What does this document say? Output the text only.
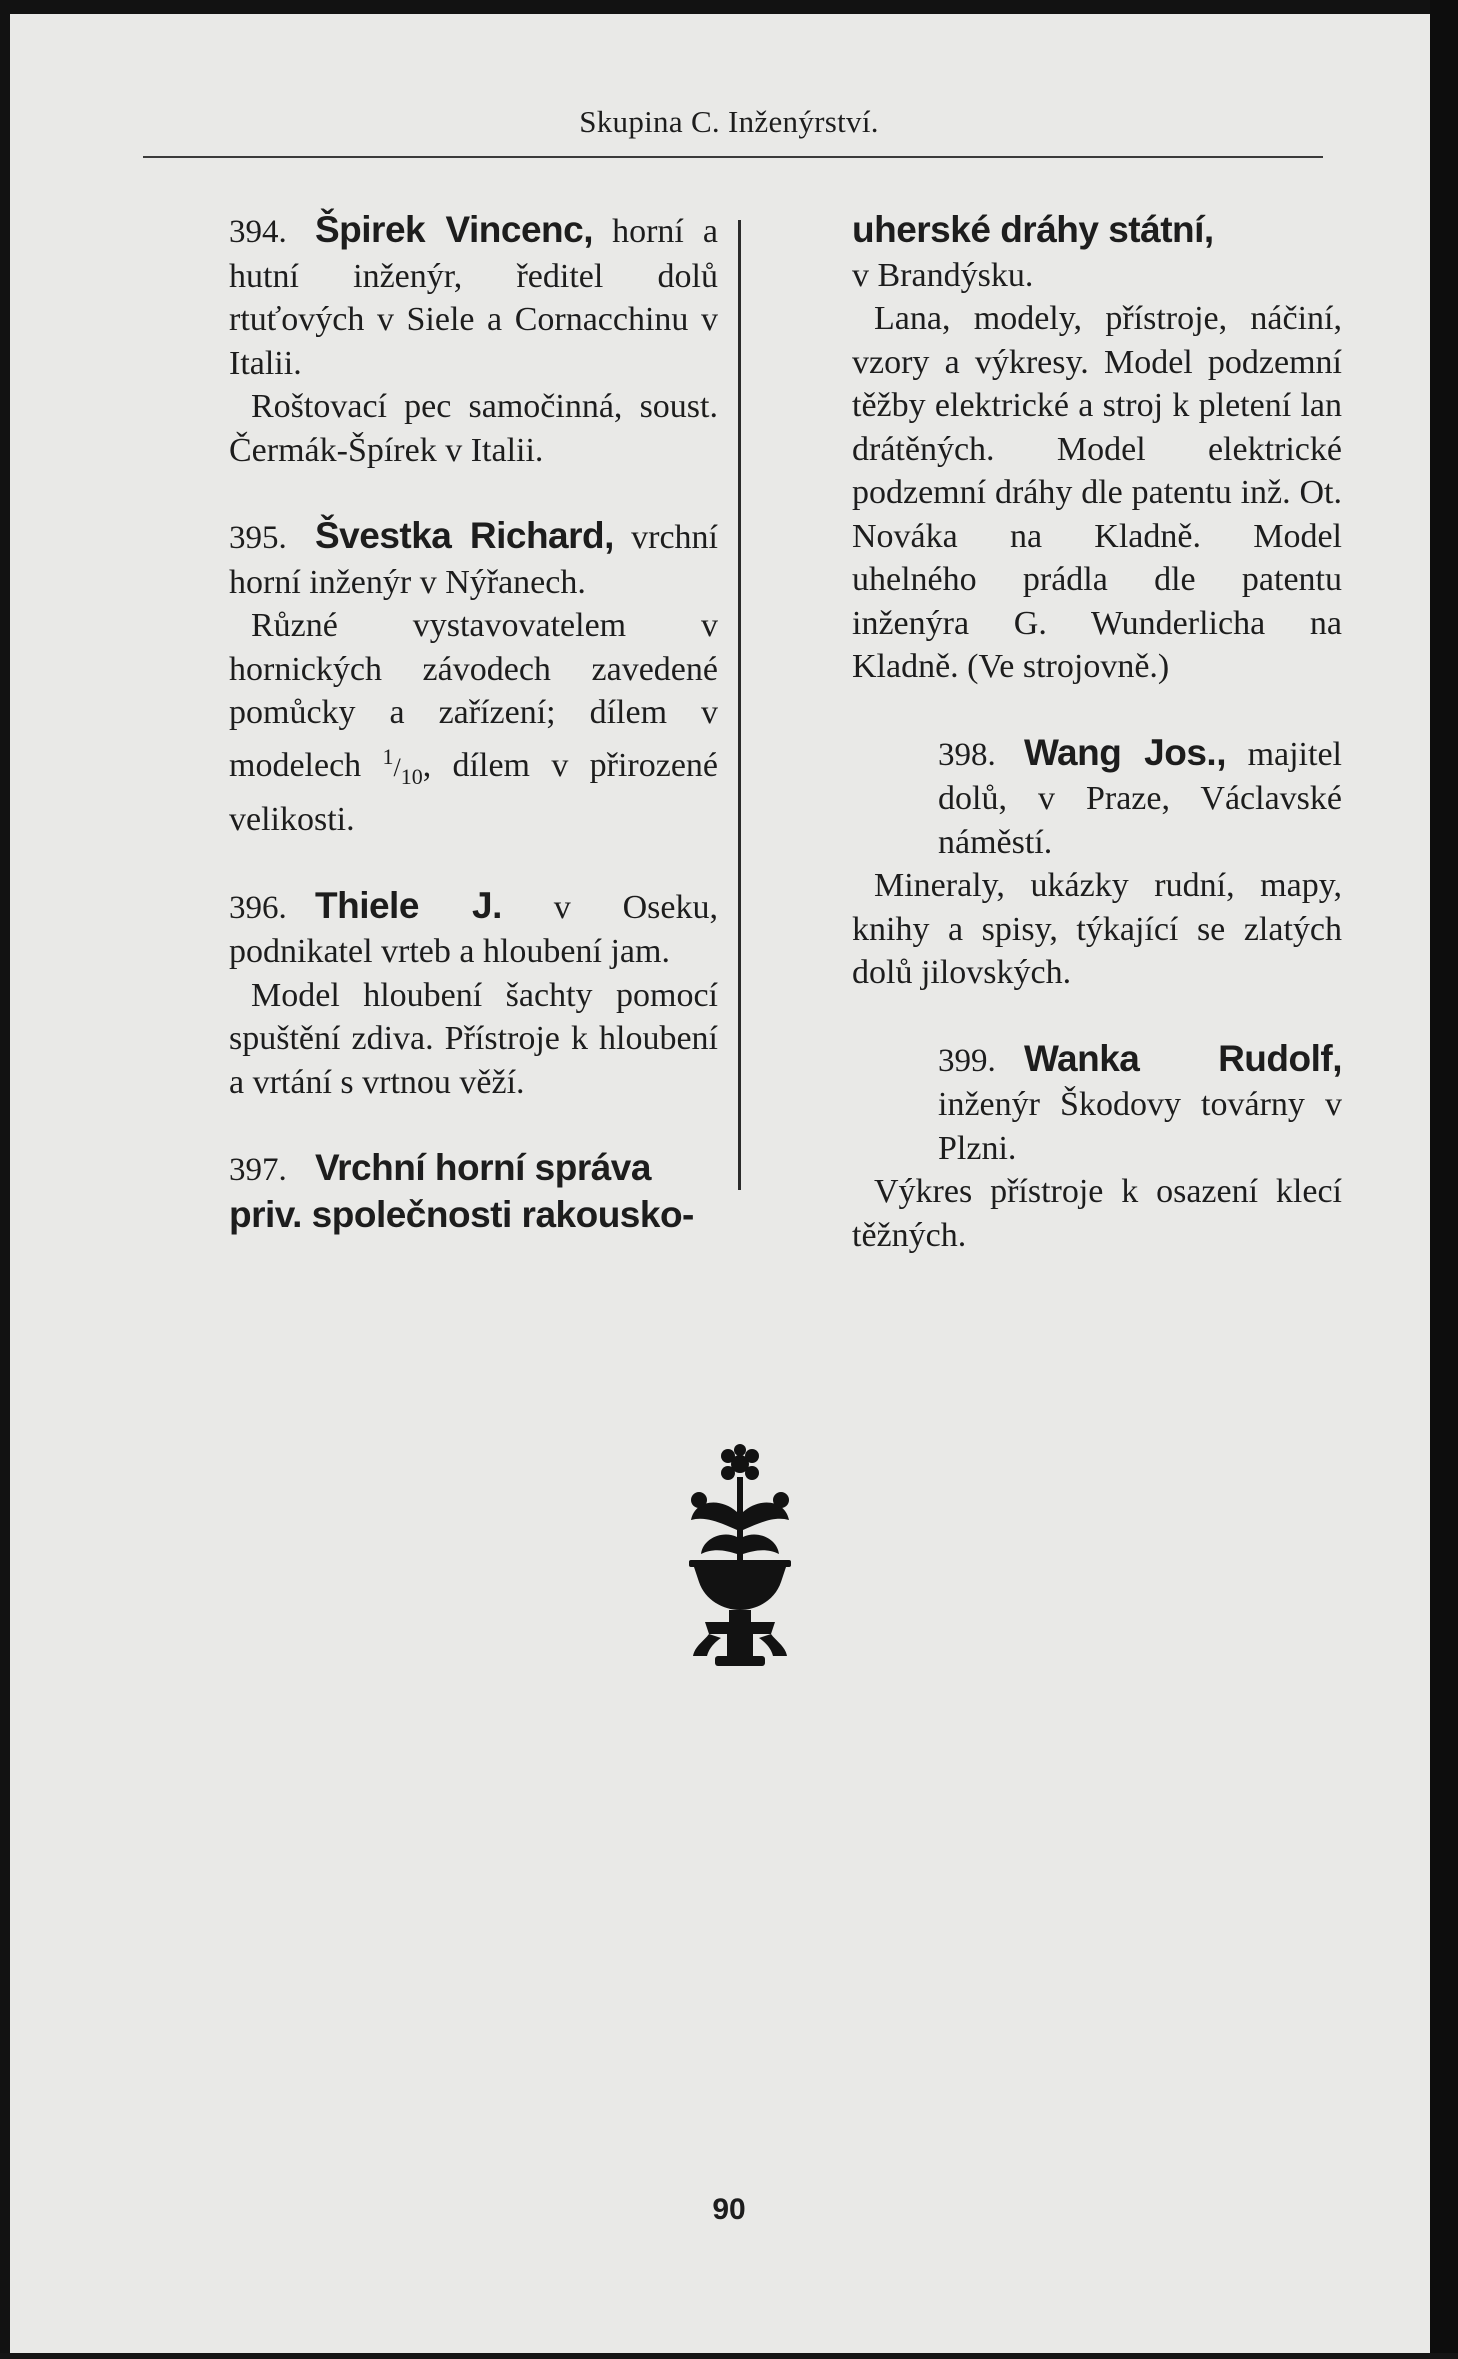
Skupina C. Inženýrství.

394. Špirek Vincenc, horní a hutní inženýr, ředitel dolů rtuťových v Siele a Cornacchinu v Italii.

Roštovací pec samočinná, soust. Čermák-Špírek v Italii.

395. Švestka Richard, vrchní horní inženýr v Nýřanech.

Různé vystavovatelem v hornických závodech zavedené pomůcky a zařízení; dílem v modelech $^1/_{10}$, dílem v přirozené velikosti.

396. Thiele J. v Oseku, podnikatel vrteb a hloubení jam.

Model hloubení šachty pomocí spuštění zdiva. Přístroje k hloubení a vrtání s vrtnou věží.

397. Vrchní horní správa priv. společnosti rakousko-

uherské dráhy státní,

v Brandýsku.

Lana, modely, přístroje, náčiní, vzory a výkresy. Model podzemní těžby elektrické a stroj k pletení lan drátěných. Model elektrické podzemní dráhy dle patentu inž. Ot. Nováka na Kladně. Model uhelného prádla dle patentu inženýra G. Wunderlicha na Kladně. (Ve strojovně.)

398. Wang Jos., majitel dolů, v Praze, Václavské náměstí.

Mineraly, ukázky rudní, mapy, knihy a spisy, týkající se zlatých dolů jilovských.

399. Wanka Rudolf, inženýr Škodovy továrny v Plzni.

Výkres přístroje k osazení klecí těžných.

90
